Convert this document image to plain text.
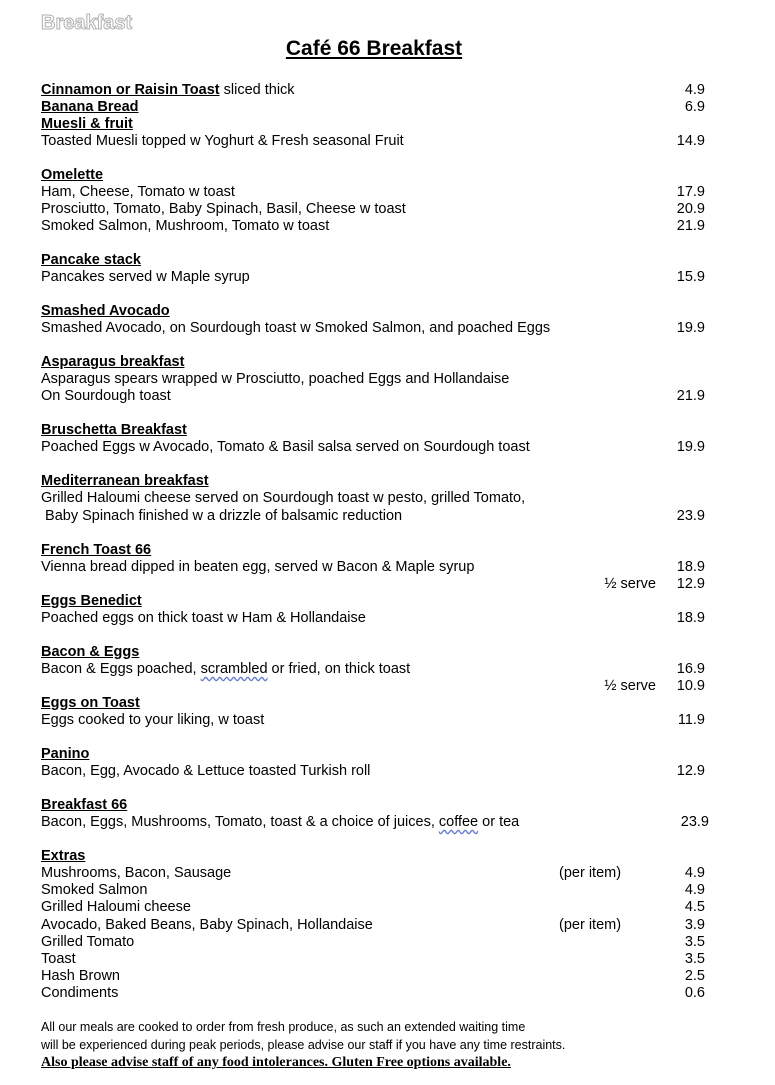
Breakfast
Café 66 Breakfast
Cinnamon or Raisin Toast sliced thick	4.9
Banana Bread	6.9
Muesli & fruit
Toasted Muesli topped w Yoghurt & Fresh seasonal Fruit	14.9
Omelette
Ham, Cheese, Tomato w toast	17.9
Prosciutto, Tomato, Baby Spinach, Basil, Cheese w toast	20.9
Smoked Salmon, Mushroom, Tomato w toast	21.9
Pancake stack
Pancakes served w Maple syrup	15.9
Smashed Avocado
Smashed Avocado, on Sourdough toast w Smoked Salmon, and poached Eggs	19.9
Asparagus breakfast
Asparagus spears wrapped w Prosciutto, poached Eggs and Hollandaise
On Sourdough toast	21.9
Bruschetta Breakfast
Poached Eggs w Avocado, Tomato & Basil salsa served on Sourdough toast	19.9
Mediterranean breakfast
Grilled Haloumi cheese served on Sourdough toast w pesto, grilled Tomato,
Baby Spinach finished w a drizzle of balsamic reduction	23.9
French Toast 66
Vienna bread dipped in beaten egg, served w Bacon & Maple syrup	18.9
½ serve 12.9
Eggs Benedict
Poached eggs on thick toast w Ham & Hollandaise	18.9
Bacon & Eggs
Bacon & Eggs poached, scrambled or fried, on thick toast	16.9
½ serve 10.9
Eggs on Toast
Eggs cooked to your liking, w toast	11.9
Panino
Bacon, Egg, Avocado & Lettuce toasted Turkish roll	12.9
Breakfast 66
Bacon, Eggs, Mushrooms, Tomato, toast & a choice of juices, coffee or tea	23.9
Extras
Mushrooms, Bacon, Sausage	(per item)	4.9
Smoked Salmon	4.9
Grilled Haloumi cheese	4.5
Avocado, Baked Beans, Baby Spinach, Hollandaise	(per item)	3.9
Grilled Tomato	3.5
Toast	3.5
Hash Brown	2.5
Condiments	0.6
All our meals are cooked to order from fresh produce, as such an extended waiting time
will be experienced during peak periods, please advise our staff if you have any time restraints.
Also please advise staff of any food intolerances. Gluten Free options available.
